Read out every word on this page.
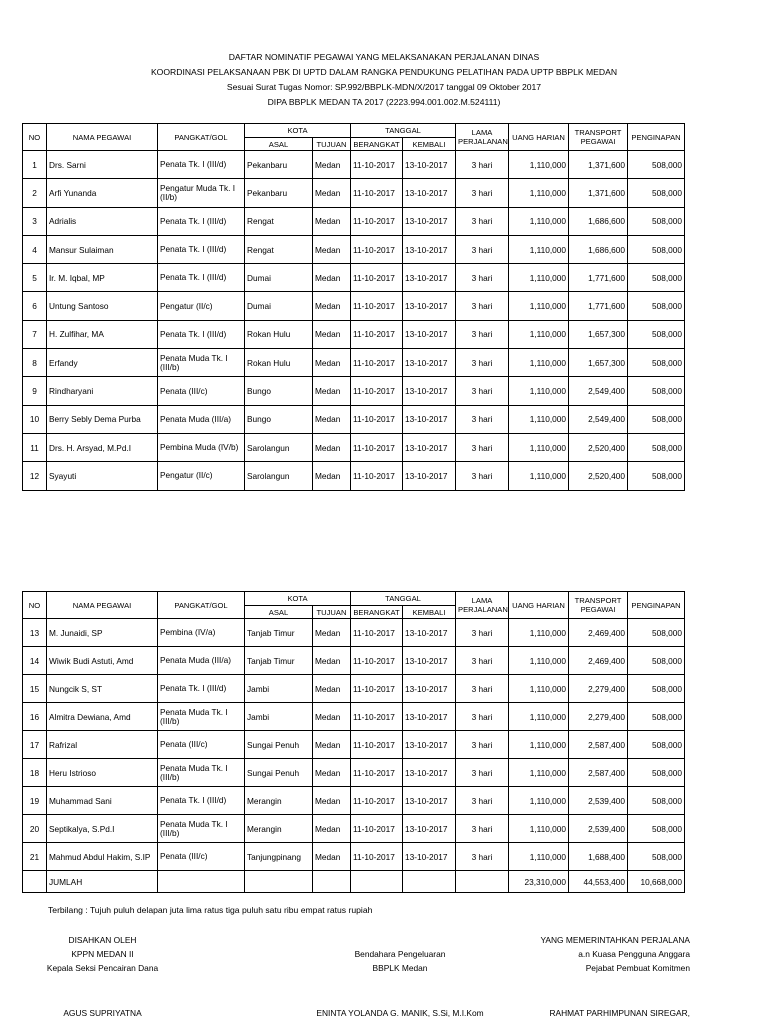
DAFTAR NOMINATIF PEGAWAI YANG MELAKSANAKAN PERJALANAN DINAS
KOORDINASI PELAKSANAAN PBK DI UPTD DALAM RANGKA PENDUKUNG PELATIHAN PADA UPTP BBPLK MEDAN
Sesuai Surat Tugas Nomor: SP.992/BBPLK-MDN/X/2017 tanggal 09 Oktober 2017
DIPA BBPLK MEDAN TA 2017 (2223.994.001.002.M.524111)
NO	NAMA PEGAWAI	PANGKAT/GOL	KOTA		TANGGAL		LAMA PERJALANAN	UANG HARIAN	TRANSPORT PEGAWAI	PENGINAPAN
			ASAL	TUJUAN	BERANGKAT	KEMBALI				
1	Drs. Sarni	Penata Tk. I (III/d)	Pekanbaru	Medan	11-10-2017	13-10-2017	3 hari	1,110,000	1,371,600	508,000
2	Arfi Yunanda	Pengatur Muda Tk. I (II/b)	Pekanbaru	Medan	11-10-2017	13-10-2017	3 hari	1,110,000	1,371,600	508,000
3	Adrialis	Penata Tk. I (III/d)	Rengat	Medan	11-10-2017	13-10-2017	3 hari	1,110,000	1,686,600	508,000
4	Mansur Sulaiman	Penata Tk. I (III/d)	Rengat	Medan	11-10-2017	13-10-2017	3 hari	1,110,000	1,686,600	508,000
5	Ir. M. Iqbal, MP	Penata Tk. I (III/d)	Dumai	Medan	11-10-2017	13-10-2017	3 hari	1,110,000	1,771,600	508,000
6	Untung Santoso	Pengatur (II/c)	Dumai	Medan	11-10-2017	13-10-2017	3 hari	1,110,000	1,771,600	508,000
7	H. Zulfihar, MA	Penata Tk. I (III/d)	Rokan Hulu	Medan	11-10-2017	13-10-2017	3 hari	1,110,000	1,657,300	508,000
8	Erfandy	Penata Muda Tk. I (III/b)	Rokan Hulu	Medan	11-10-2017	13-10-2017	3 hari	1,110,000	1,657,300	508,000
9	Rindharyani	Penata (III/c)	Bungo	Medan	11-10-2017	13-10-2017	3 hari	1,110,000	2,549,400	508,000
10	Berry Sebly Dema Purba	Penata Muda (III/a)	Bungo	Medan	11-10-2017	13-10-2017	3 hari	1,110,000	2,549,400	508,000
11	Drs. H. Arsyad, M.Pd.I	Pembina Muda (IV/b)	Sarolangun	Medan	11-10-2017	13-10-2017	3 hari	1,110,000	2,520,400	508,000
12	Syayuti	Pengatur (II/c)	Sarolangun	Medan	11-10-2017	13-10-2017	3 hari	1,110,000	2,520,400	508,000
NO	NAMA PEGAWAI	PANGKAT/GOL	KOTA		TANGGAL		LAMA PERJALANAN	UANG HARIAN	TRANSPORT PEGAWAI	PENGINAPAN
			ASAL	TUJUAN	BERANGKAT	KEMBALI				
13	M. Junaidi, SP	Pembina (IV/a)	Tanjab Timur	Medan	11-10-2017	13-10-2017	3 hari	1,110,000	2,469,400	508,000
14	Wiwik Budi Astuti, Amd	Penata Muda (III/a)	Tanjab Timur	Medan	11-10-2017	13-10-2017	3 hari	1,110,000	2,469,400	508,000
15	Nungcik S, ST	Penata Tk. I (III/d)	Jambi	Medan	11-10-2017	13-10-2017	3 hari	1,110,000	2,279,400	508,000
16	Almitra Dewiana, Amd	Penata Muda Tk. I (III/b)	Jambi	Medan	11-10-2017	13-10-2017	3 hari	1,110,000	2,279,400	508,000
17	Rafrizal	Penata (III/c)	Sungai Penuh	Medan	11-10-2017	13-10-2017	3 hari	1,110,000	2,587,400	508,000
18	Heru Istrioso	Penata Muda Tk. I (III/b)	Sungai Penuh	Medan	11-10-2017	13-10-2017	3 hari	1,110,000	2,587,400	508,000
19	Muhammad Sani	Penata Tk. I (III/d)	Merangin	Medan	11-10-2017	13-10-2017	3 hari	1,110,000	2,539,400	508,000
20	Septikalya, S.Pd.I	Penata Muda Tk. I (III/b)	Merangin	Medan	11-10-2017	13-10-2017	3 hari	1,110,000	2,539,400	508,000
21	Mahmud Abdul Hakim, S.IP	Penata (III/c)	Tanjungpinang	Medan	11-10-2017	13-10-2017	3 hari	1,110,000	1,688,400	508,000
	JUMLAH							23,310,000	44,553,400	10,668,000
Terbilang : Tujuh puluh delapan juta lima ratus tiga puluh satu ribu empat ratus rupiah
DISAHKAN OLEH
KPPN MEDAN II
Kepala Seksi Pencairan Dana
AGUS SUPRIYATNA
Bendahara Pengeluaran
BBPLK Medan
ENINTA YOLANDA G. MANIK, S.Si, M.I.Kom
YANG MEMERINTAHKAN PERJALANA
a.n Kuasa Pengguna Anggara
Pejabat Pembuat Komitmen
RAHMAT PARHIMPUNAN SIREGAR,
